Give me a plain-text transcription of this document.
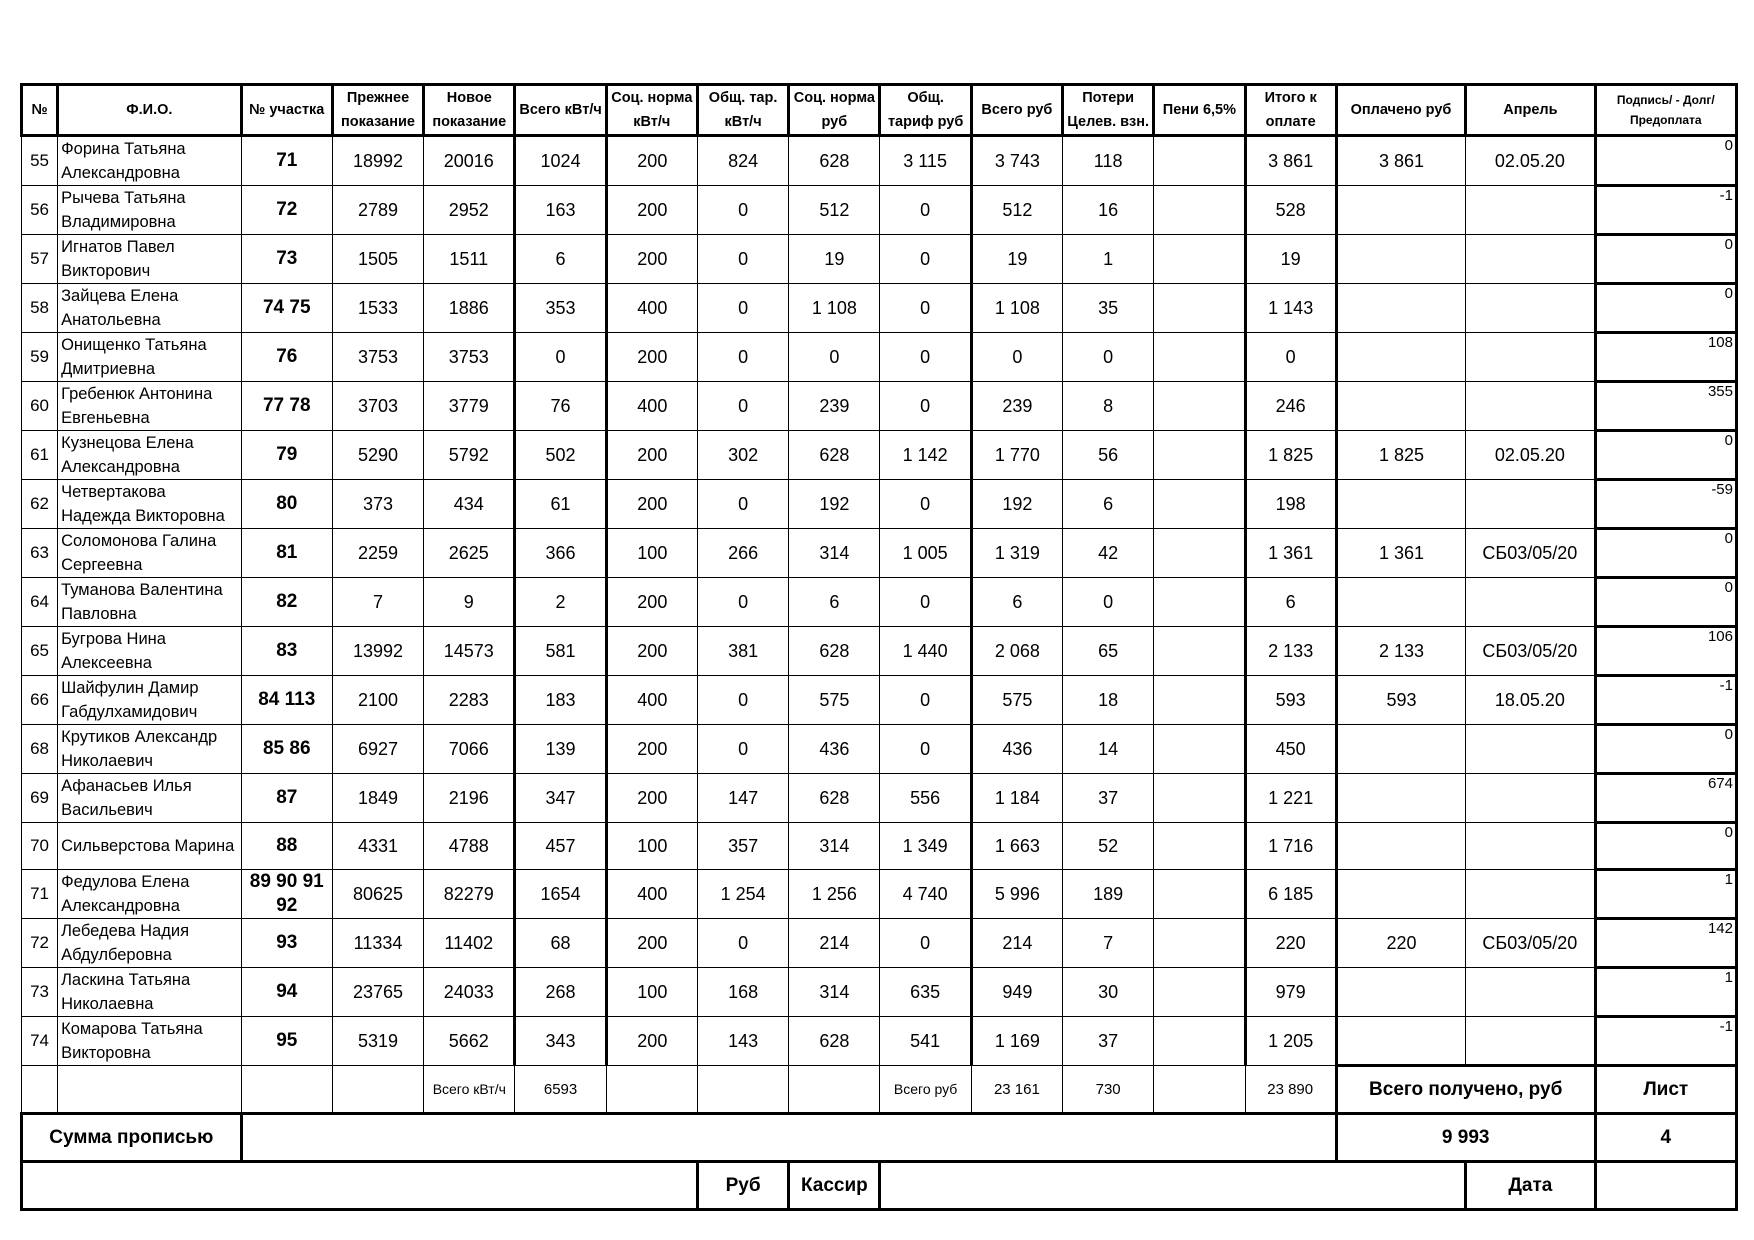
№	Ф.И.О.	№ участка	Прежнее показание	Новое показание	Всего кВт/ч	Соц. норма кВт/ч	Общ. тар. кВт/ч	Соц. норма руб	Общ. тариф руб	Всего руб	Потери Целев. взн.	Пени 6,5%	Итого к оплате	Оплачено руб	Апрель	Подпись/ - Долг/Предоплата
55	Форина Татьяна Александровна	71	18992	20016	1024	200	824	628	3 115	3 743	118		3 861	3 861	02.05.20	0
56	Рычева Татьяна Владимировна	72	2789	2952	163	200	0	512	0	512	16		528			-1
57	Игнатов Павел Викторович	73	1505	1511	6	200	0	19	0	19	1		19			0
58	Зайцева Елена Анатольевна	74 75	1533	1886	353	400	0	1 108	0	1 108	35		1 143			0
59	Онищенко Татьяна Дмитриевна	76	3753	3753	0	200	0	0	0	0	0		0			108
60	Гребенюк Антонина Евгеньевна	77 78	3703	3779	76	400	0	239	0	239	8		246			355
61	Кузнецова Елена Александровна	79	5290	5792	502	200	302	628	1 142	1 770	56		1 825	1 825	02.05.20	0
62	Четвертакова Надежда Викторовна	80	373	434	61	200	0	192	0	192	6		198			-59
63	Соломонова Галина Сергеевна	81	2259	2625	366	100	266	314	1 005	1 319	42		1 361	1 361	СБ03/05/20	0
64	Туманова Валентина Павловна	82	7	9	2	200	0	6	0	6	0		6			0
65	Бугрова Нина Алексеевна	83	13992	14573	581	200	381	628	1 440	2 068	65		2 133	2 133	СБ03/05/20	106
66	Шайфулин Дамир Габдулхамидович	84 113	2100	2283	183	400	0	575	0	575	18		593	593	18.05.20	-1
68	Крутиков Александр Николаевич	85 86	6927	7066	139	200	0	436	0	436	14		450			0
69	Афанасьев Илья Васильевич	87	1849	2196	347	200	147	628	556	1 184	37		1 221			674
70	Сильверстова Марина	88	4331	4788	457	100	357	314	1 349	1 663	52		1 716			0
71	Федулова Елена Александровна	89 90 91 92	80625	82279	1654	400	1 254	1 256	4 740	5 996	189		6 185			1
72	Лебедева Надия Абдулберовна	93	11334	11402	68	200	0	214	0	214	7		220	220	СБ03/05/20	142
73	Ласкина Татьяна Николаевна	94	23765	24033	268	100	168	314	635	949	30		979			1
74	Комарова Татьяна Викторовна	95	5319	5662	343	200	143	628	541	1 169	37		1 205			-1
				Всего кВт/ч	6593				Всего руб	23 161	730		23 890	Всего получено, руб		Лист
Сумма прописью														9 993		4
							Руб	Кассир							Дата	
